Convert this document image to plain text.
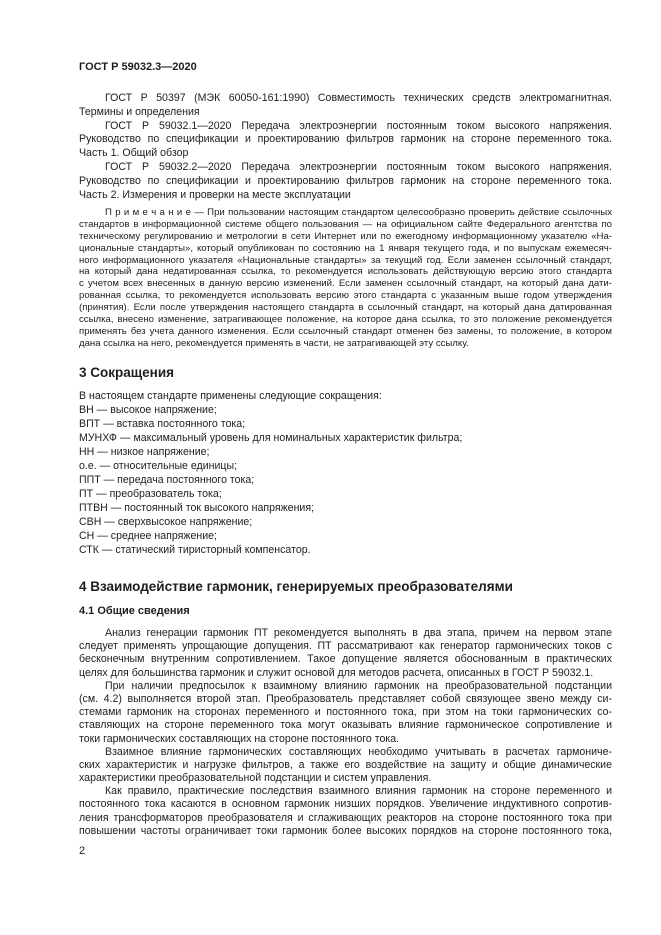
ГОСТ Р 59032.3—2020
ГОСТ Р 50397 (МЭК 60050-161:1990) Совместимость технических средств электромагнитная.
Термины и определения
ГОСТ Р 59032.1—2020 Передача электроэнергии постоянным током высокого напряжения.
Руководство по спецификации и проектированию фильтров гармоник на стороне переменного тока.
Часть 1. Общий обзор
ГОСТ Р 59032.2—2020 Передача электроэнергии постоянным током высокого напряжения.
Руководство по спецификации и проектированию фильтров гармоник на стороне переменного тока.
Часть 2. Измерения и проверки на месте эксплуатации
П р и м е ч а н и е — При пользовании настоящим стандартом целесообразно проверить действие ссылочных
стандартов в информационной системе общего пользования — на официальном сайте Федерального агентства по
техническому регулированию и метрологии в сети Интернет или по ежегодному информационному указателю «На-
циональные стандарты», который опубликован по состоянию на 1 января текущего года, и по выпускам ежемесяч-
ного информационного указателя «Национальные стандарты» за текущий год. Если заменен ссылочный стандарт,
на который дана недатированная ссылка, то рекомендуется использовать действующую версию этого стандарта
с учетом всех внесенных в данную версию изменений. Если заменен ссылочный стандарт, на который дана дати-
рованная ссылка, то рекомендуется использовать версию этого стандарта с указанным выше годом утверждения
(принятия). Если после утверждения настоящего стандарта в ссылочный стандарт, на который дана датированная
ссылка, внесено изменение, затрагивающее положение, на которое дана ссылка, то это положение рекомендуется
применять без учета данного изменения. Если ссылочный стандарт отменен без замены, то положение, в котором
дана ссылка на него, рекомендуется применять в части, не затрагивающей эту ссылку.
3 Сокращения
В настоящем стандарте применены следующие сокращения:
ВН — высокое напряжение;
ВПТ — вставка постоянного тока;
МУНХФ — максимальный уровень для номинальных характеристик фильтра;
НН — низкое напряжение;
о.е. — относительные единицы;
ППТ — передача постоянного тока;
ПТ — преобразователь тока;
ПТВН — постоянный ток высокого напряжения;
СВН — сверхвысокое напряжение;
СН — среднее напряжение;
СТК — статический тиристорный компенсатор.
4 Взаимодействие гармоник, генерируемых преобразователями
4.1 Общие сведения
Анализ генерации гармоник ПТ рекомендуется выполнять в два этапа, причем на первом этапе
следует применять упрощающие допущения. ПТ рассматривают как генератор гармонических токов с
бесконечным внутренним сопротивлением. Такое допущение является обоснованным в практических
целях для большинства гармоник и служит основой для методов расчета, описанных в ГОСТ Р 59032.1.
При наличии предпосылок к взаимному влиянию гармоник на преобразовательной подстанции
(см. 4.2) выполняется второй этап. Преобразователь представляет собой связующее звено между си-
стемами гармоник на сторонах переменного и постоянного тока, при этом на токи гармонических со-
ставляющих на стороне переменного тока могут оказывать влияние гармоническое сопротивление и
токи гармонических составляющих на стороне постоянного тока.
Взаимное влияние гармонических составляющих необходимо учитывать в расчетах гармониче-
ских характеристик и нагрузке фильтров, а также его воздействие на защиту и общие динамические
характеристики преобразовательной подстанции и систем управления.
Как правило, практические последствия взаимного влияния гармоник на стороне переменного и
постоянного тока касаются в основном гармоник низших порядков. Увеличение индуктивного сопротив-
ления трансформаторов преобразователя и сглаживающих реакторов на стороне постоянного тока при
повышении частоты ограничивает токи гармоник более высоких порядков на стороне постоянного тока,
2
